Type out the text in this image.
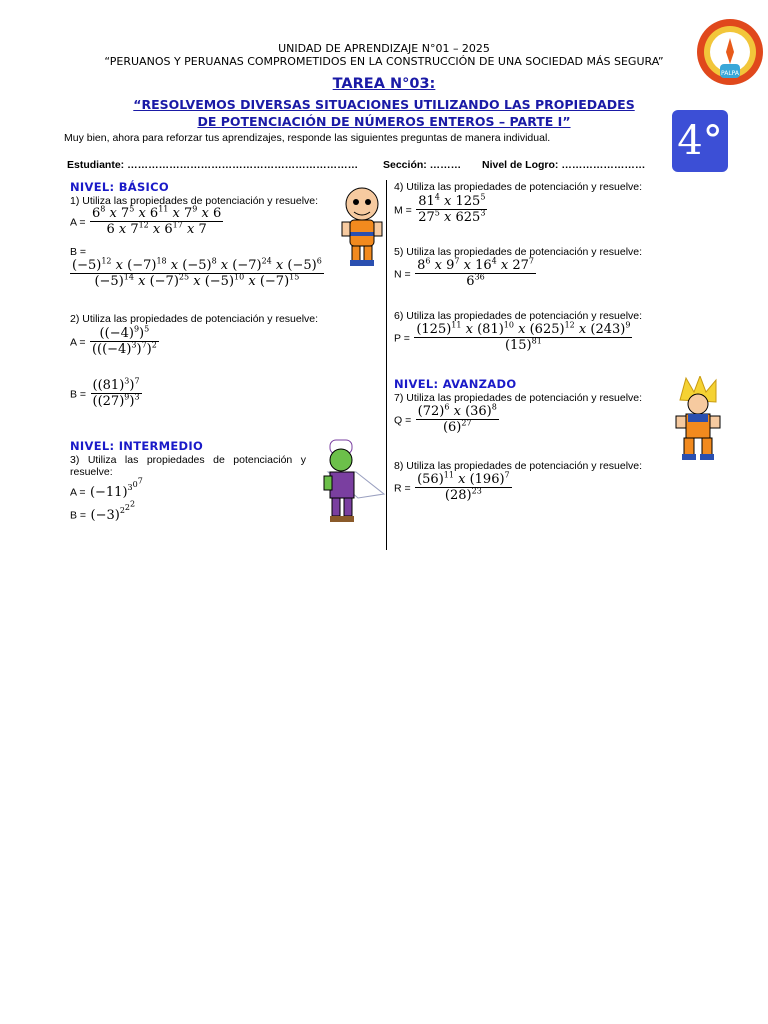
UNIDAD DE APRENDIZAJE N°01 – 2025
“PERUANOS Y PERUANAS COMPROMETIDOS EN LA CONSTRUCCIÓN DE UNA SOCIEDAD MÁS SEGURA”
TAREA N°03:
“RESOLVEMOS DIVERSAS SITUACIONES UTILIZANDO LAS PROPIEDADES
DE POTENCIACIÓN DE NÚMEROS ENTEROS – PARTE I”
Muy bien, ahora para reforzar tus aprendizajes, responde las siguientes preguntas de manera individual.
PALPA
4°
Estudiante: ………………………………………………………… Sección: ……… Nivel de Logro: ……………………
NIVEL: BÁSICO
1) Utiliza las propiedades de potenciación y resuelve:
$A = \frac{6^8 x 7^5 x 6^{11} x 7^9 x 6}{6 x 7^{12} x 6^{17} x 7}$
B =
$\frac{(-5)^{12} x (-7)^{18} x (-5)^8 x (-7)^{24} x (-5)^6}{(-5)^{14} x (-7)^{25} x (-5)^{10} x (-7)^{15}}$
2) Utiliza las propiedades de potenciación y resuelve:
$A = \frac{((-4)^9)^5}{(((-4)^3)^7)^2}$
$B = \frac{((81)^3)^7}{((27)^9)^3}$
NIVEL: INTERMEDIO
3) Utiliza las propiedades de potenciación y resuelve:
$A = (-11)^{3^{0^7}}$
$B = (-3)^{2^{2^2}}$
4) Utiliza las propiedades de potenciación y resuelve:
$M = \frac{81^4 x 125^5}{27^5 x 625^3}$
5) Utiliza las propiedades de potenciación y resuelve:
$N = \frac{8^6 x 9^7 x 16^4 x 27^7}{6^{36}}$
6) Utiliza las propiedades de potenciación y resuelve:
$P = \frac{(125)^{11} x (81)^{10} x (625)^{12} x (243)^9}{(15)^{81}}$
NIVEL: AVANZADO
7) Utiliza las propiedades de potenciación y resuelve:
$Q = \frac{(72)^6 x (36)^8}{(6)^{27}}$
8) Utiliza las propiedades de potenciación y resuelve:
$R = \frac{(56)^{11} x (196)^7}{(28)^{23}}$
